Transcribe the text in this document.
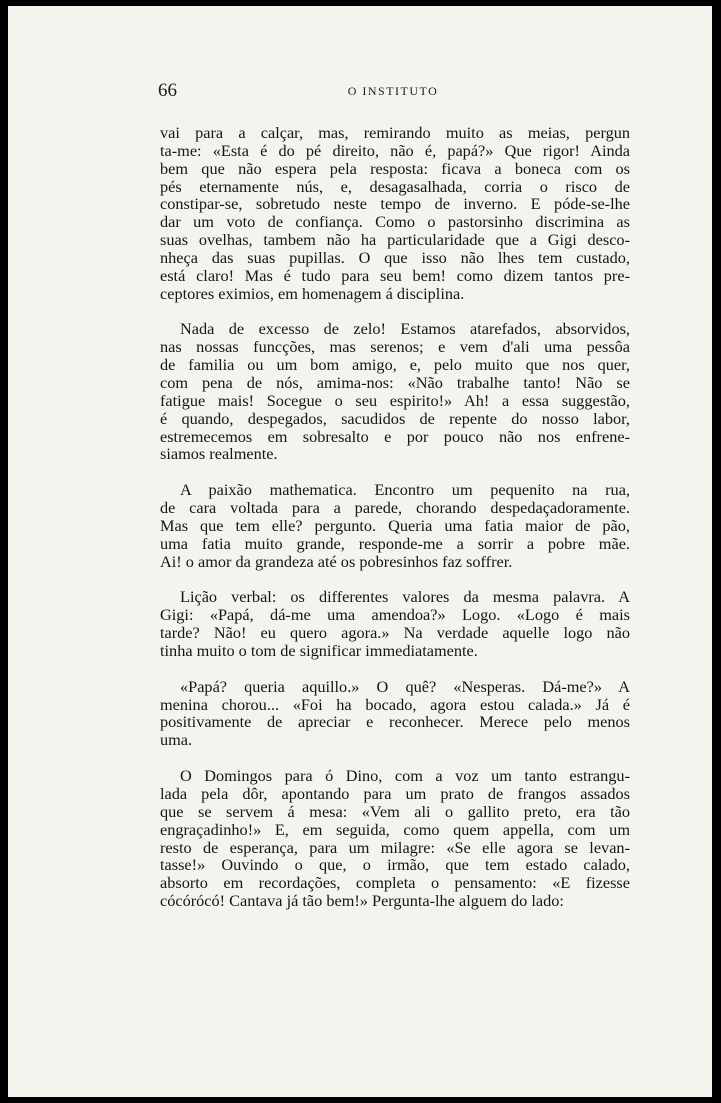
66	O INSTITUTO

vai para a calçar, mas, remirando muito as meias, pergun
ta-me: «Esta é do pé direito, não é, papá?» Que rigor! Ainda
bem que não espera pela resposta: ficava a boneca com os
pés eternamente nús, e, desagasalhada, corria o risco de
constipar-se, sobretudo neste tempo de inverno. E póde-se-lhe
dar um voto de confiança. Como o pastorsinho discrimina as
suas ovelhas, tambem não ha particularidade que a Gigi desco-
nheça das suas pupillas. O que isso não lhes tem custado,
está claro! Mas é tudo para seu bem! como dizem tantos pre-
ceptores eximios, em homenagem á disciplina.

Nada de excesso de zelo! Estamos atarefados, absorvidos,
nas nossas funcções, mas serenos; e vem d'ali uma pessôa
de familia ou um bom amigo, e, pelo muito que nos quer,
com pena de nós, amima-nos: «Não trabalhe tanto! Não se
fatigue mais! Socegue o seu espirito!» Ah! a essa suggestão,
é quando, despegados, sacudidos de repente do nosso labor,
estremecemos em sobresalto e por pouco não nos enfrene-
siamos realmente.

A paixão mathematica. Encontro um pequenito na rua,
de cara voltada para a parede, chorando despedaçadoramente.
Mas que tem elle? pergunto. Queria uma fatia maior de pão,
uma fatia muito grande, responde-me a sorrir a pobre mãe.
Ai! o amor da grandeza até os pobresinhos faz soffrer.

Lição verbal: os differentes valores da mesma palavra. A
Gigi: «Papá, dá-me uma amendoa?» Logo. «Logo é mais
tarde? Não! eu quero agora.» Na verdade aquelle logo não
tinha muito o tom de significar immediatamente.

«Papá? queria aquillo.» O quê? «Nesperas. Dá-me?» A
menina chorou... «Foi ha bocado, agora estou calada.» Já é
positivamente de apreciar e reconhecer. Merece pelo menos
uma.

O Domingos para ó Dino, com a voz um tanto estrangu-
lada pela dôr, apontando para um prato de frangos assados
que se servem á mesa: «Vem ali o gallito preto, era tão
engraçadinho!» E, em seguida, como quem appella, com um
resto de esperança, para um milagre: «Se elle agora se levan-
tasse!» Ouvindo o que, o irmão, que tem estado calado,
absorto em recordações, completa o pensamento: «E fizesse
cócórócó! Cantava já tão bem!» Pergunta-lhe alguem do lado:
